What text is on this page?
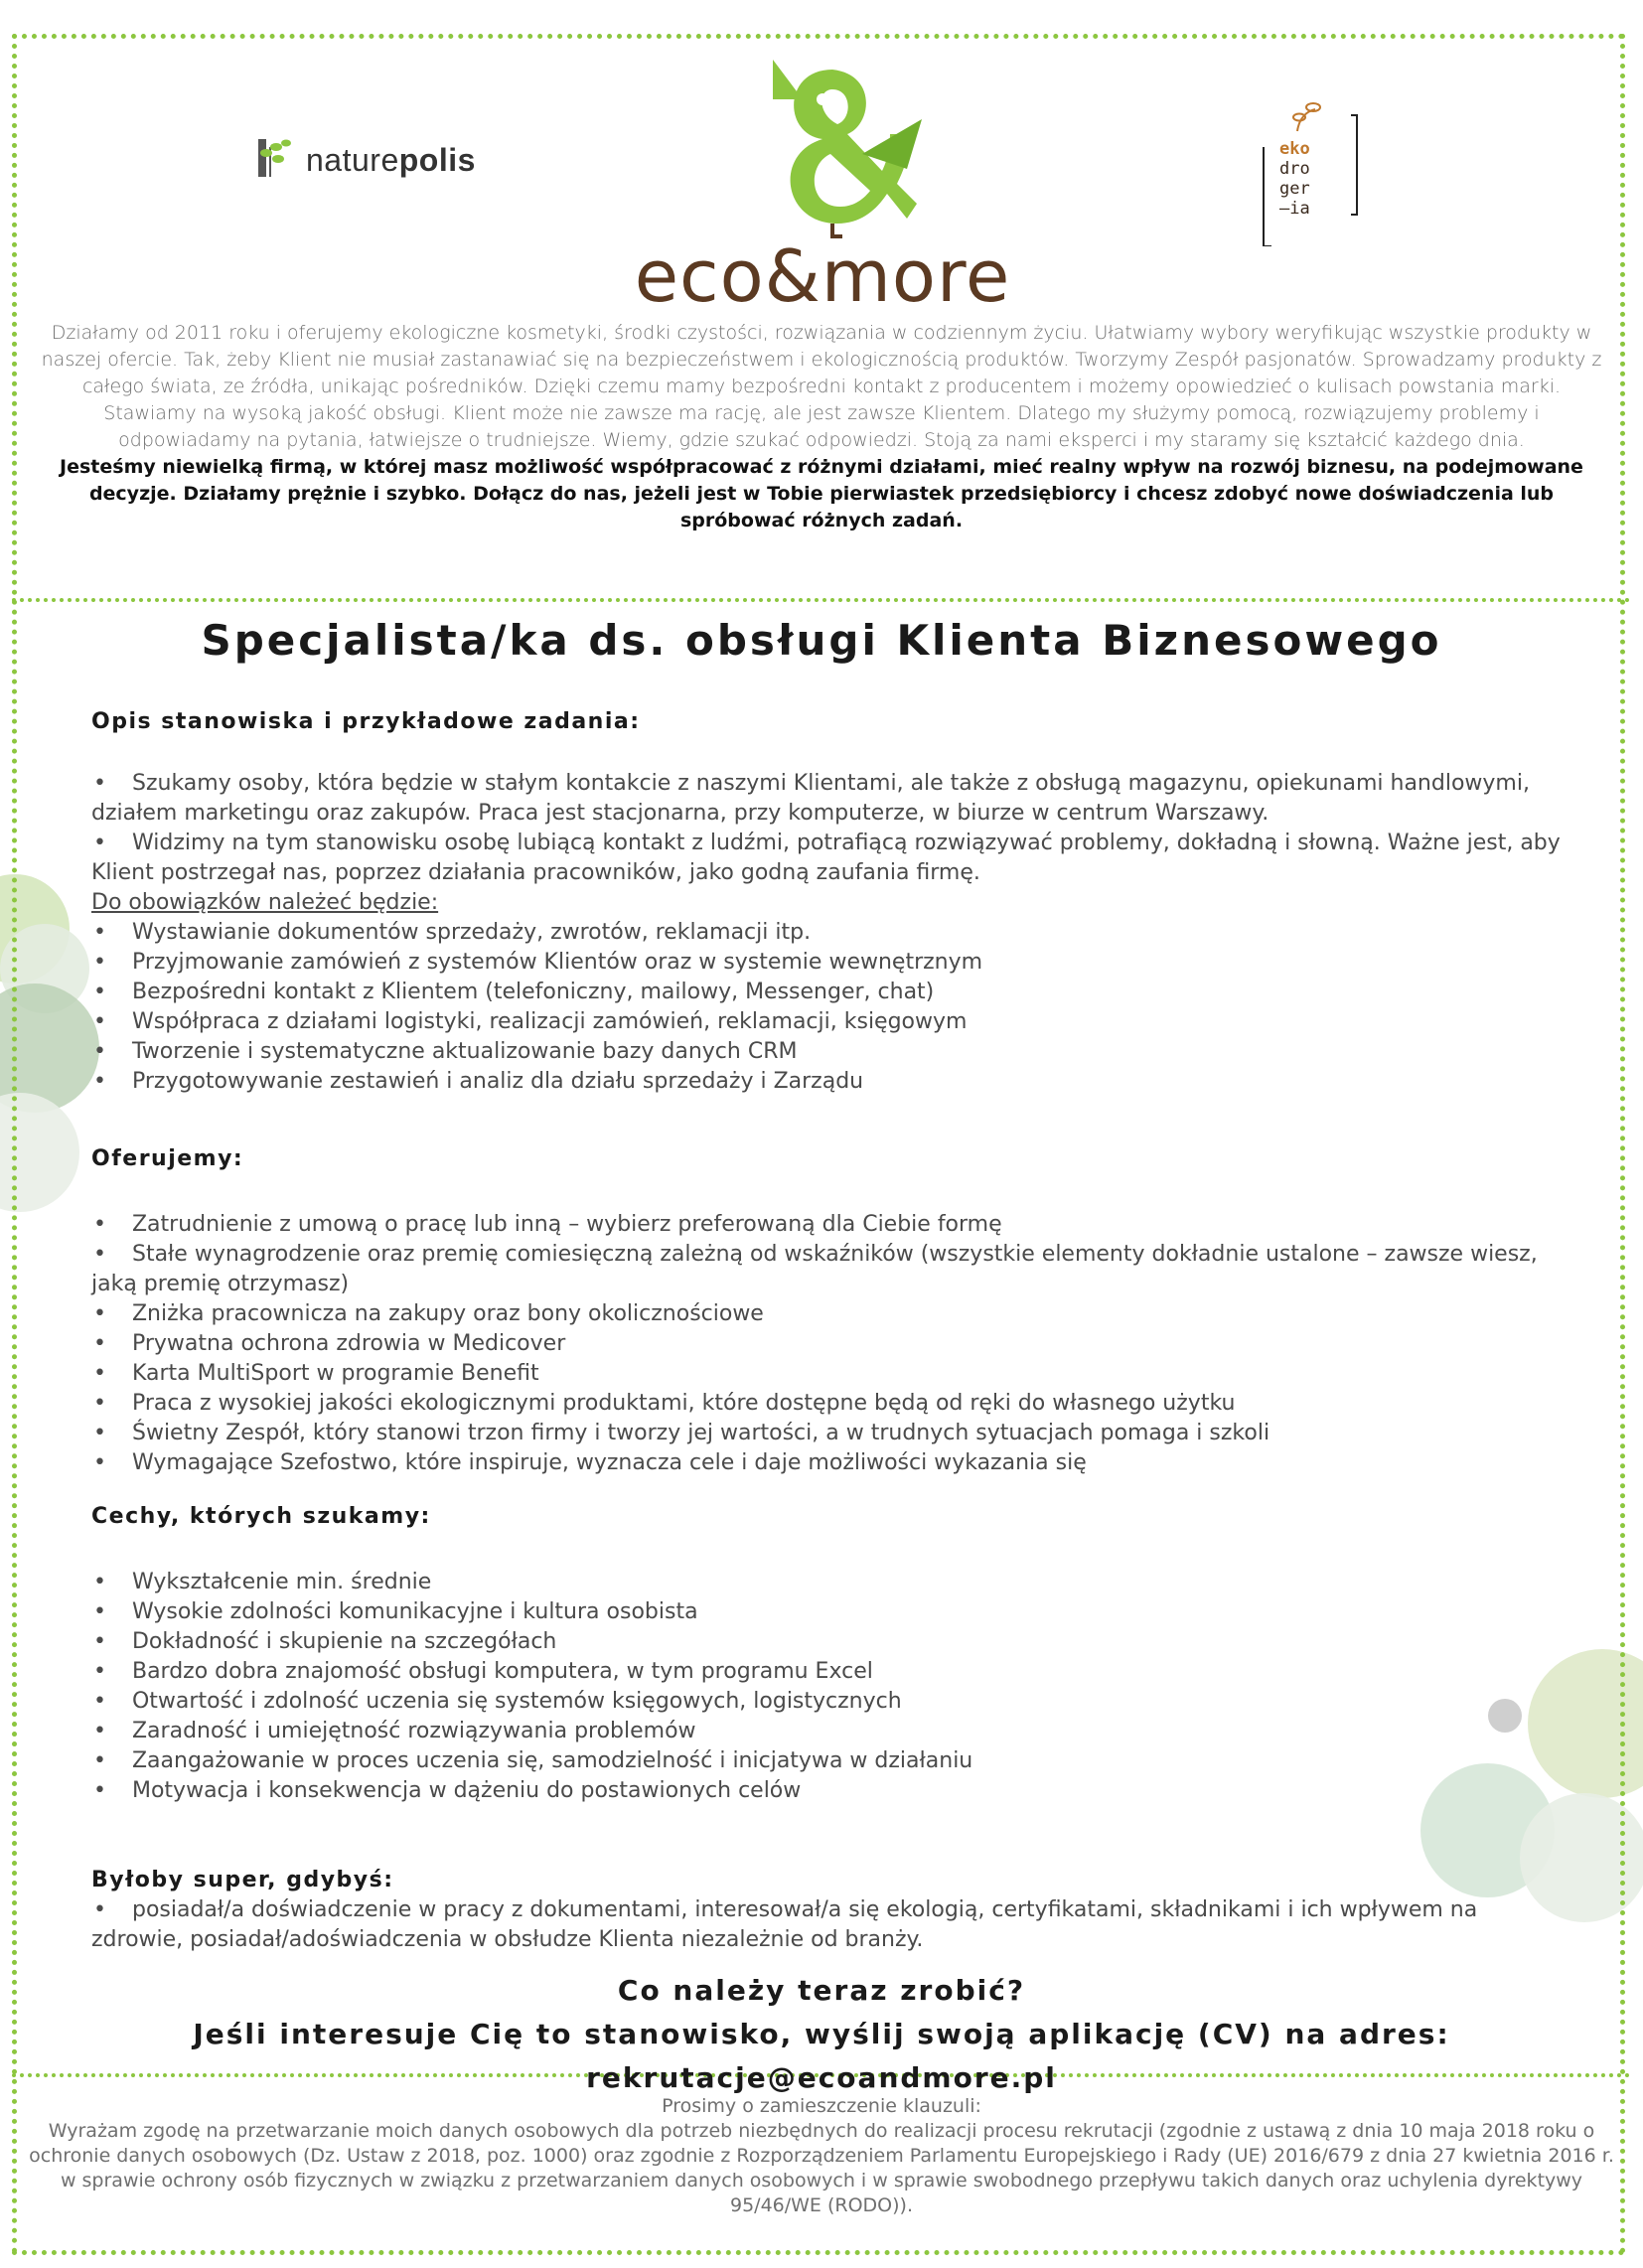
naturepolis
eco&more
eko
dro
ger
—ia

Działamy od 2011 roku i oferujemy ekologiczne kosmetyki, środki czystości, rozwiązania w codziennym życiu. Ułatwiamy wybory weryfikując wszystkie produkty w naszej ofercie. Tak, żeby Klient nie musiał zastanawiać się na bezpieczeństwem i ekologicznością produktów. Tworzymy Zespół pasjonatów. Sprowadzamy produkty z całego świata, ze źródła, unikając pośredników. Dzięki czemu mamy bezpośredni kontakt z producentem i możemy opowiedzieć o kulisach powstania marki.

Stawiamy na wysoką jakość obsługi. Klient może nie zawsze ma rację, ale jest zawsze Klientem. Dlatego my służymy pomocą, rozwiązujemy problemy i odpowiadamy na pytania, łatwiejsze o trudniejsze. Wiemy, gdzie szukać odpowiedzi. Stoją za nami eksperci i my staramy się kształcić każdego dnia.

Jesteśmy niewielką firmą, w której masz możliwość współpracować z różnymi działami, mieć realny wpływ na rozwój biznesu, na podejmowane decyzje. Działamy prężnie i szybko. Dołącz do nas, jeżeli jest w Tobie pierwiastek przedsiębiorcy i chcesz zdobyć nowe doświadczenia lub spróbować różnych zadań.

Specjalista/ka ds. obsługi Klienta Biznesowego
Opis stanowiska i przykładowe zadania:
• Szukamy osoby, która będzie w stałym kontakcie z naszymi Klientami, ale także z obsługą magazynu, opiekunami handlowymi, działem marketingu oraz zakupów. Praca jest stacjonarna, przy komputerze, w biurze w centrum Warszawy.
• Widzimy na tym stanowisku osobę lubiącą kontakt z ludźmi, potrafiącą rozwiązywać problemy, dokładną i słowną. Ważne jest, aby Klient postrzegał nas, poprzez działania pracowników, jako godną zaufania firmę.

Do obowiązków należeć będzie:

• Wystawianie dokumentów sprzedaży, zwrotów, reklamacji itp.
• Przyjmowanie zamówień z systemów Klientów oraz w systemie wewnętrznym
• Bezpośredni kontakt z Klientem (telefoniczny, mailowy, Messenger, chat)
• Współpraca z działami logistyki, realizacji zamówień, reklamacji, księgowym
• Tworzenie i systematyczne aktualizowanie bazy danych CRM
• Przygotowywanie zestawień i analiz dla działu sprzedaży i Zarządu
Oferujemy:
• Zatrudnienie z umową o pracę lub inną – wybierz preferowaną dla Ciebie formę
• Stałe wynagrodzenie oraz premię comiesięczną zależną od wskaźników (wszystkie elementy dokładnie ustalone – zawsze wiesz, jaką premię otrzymasz)
• Zniżka pracownicza na zakupy oraz bony okolicznościowe
• Prywatna ochrona zdrowia w Medicover
• Karta MultiSport w programie Benefit
• Praca z wysokiej jakości ekologicznymi produktami, które dostępne będą od ręki do własnego użytku
• Świetny Zespół, który stanowi trzon firmy i tworzy jej wartości, a w trudnych sytuacjach pomaga i szkoli
• Wymagające Szefostwo, które inspiruje, wyznacza cele i daje możliwości wykazania się
Cechy, których szukamy:
• Wykształcenie min. średnie
• Wysokie zdolności komunikacyjne i kultura osobista
• Dokładność i skupienie na szczegółach
• Bardzo dobra znajomość obsługi komputera, w tym programu Excel
• Otwartość i zdolność uczenia się systemów księgowych, logistycznych
• Zaradność i umiejętność rozwiązywania problemów
• Zaangażowanie w proces uczenia się, samodzielność i inicjatywa w działaniu
• Motywacja i konsekwencja w dążeniu do postawionych celów
Byłoby super, gdybyś:
• posiadał/a doświadczenie w pracy z dokumentami, interesował/a się ekologią, certyfikatami, składnikami i ich wpływem na zdrowie, posiadał/adoświadczenia w obsłudze Klienta niezależnie od branży.
Co należy teraz zrobić?
Jeśli interesuje Cię to stanowisko, wyślij swoją aplikację (CV) na adres: rekrutacje@ecoandmore.pl

Prosimy o zamieszczenie klauzuli:

Wyrażam zgodę na przetwarzanie moich danych osobowych dla potrzeb niezbędnych do realizacji procesu rekrutacji (zgodnie z ustawą z dnia 10 maja 2018 roku o ochronie danych osobowych (Dz. Ustaw z 2018, poz. 1000) oraz zgodnie z Rozporządzeniem Parlamentu Europejskiego i Rady (UE) 2016/679 z dnia 27 kwietnia 2016 r. w sprawie ochrony osób fizycznych w związku z przetwarzaniem danych osobowych i w sprawie swobodnego przepływu takich danych oraz uchylenia dyrektywy 95/46/WE (RODO)).
